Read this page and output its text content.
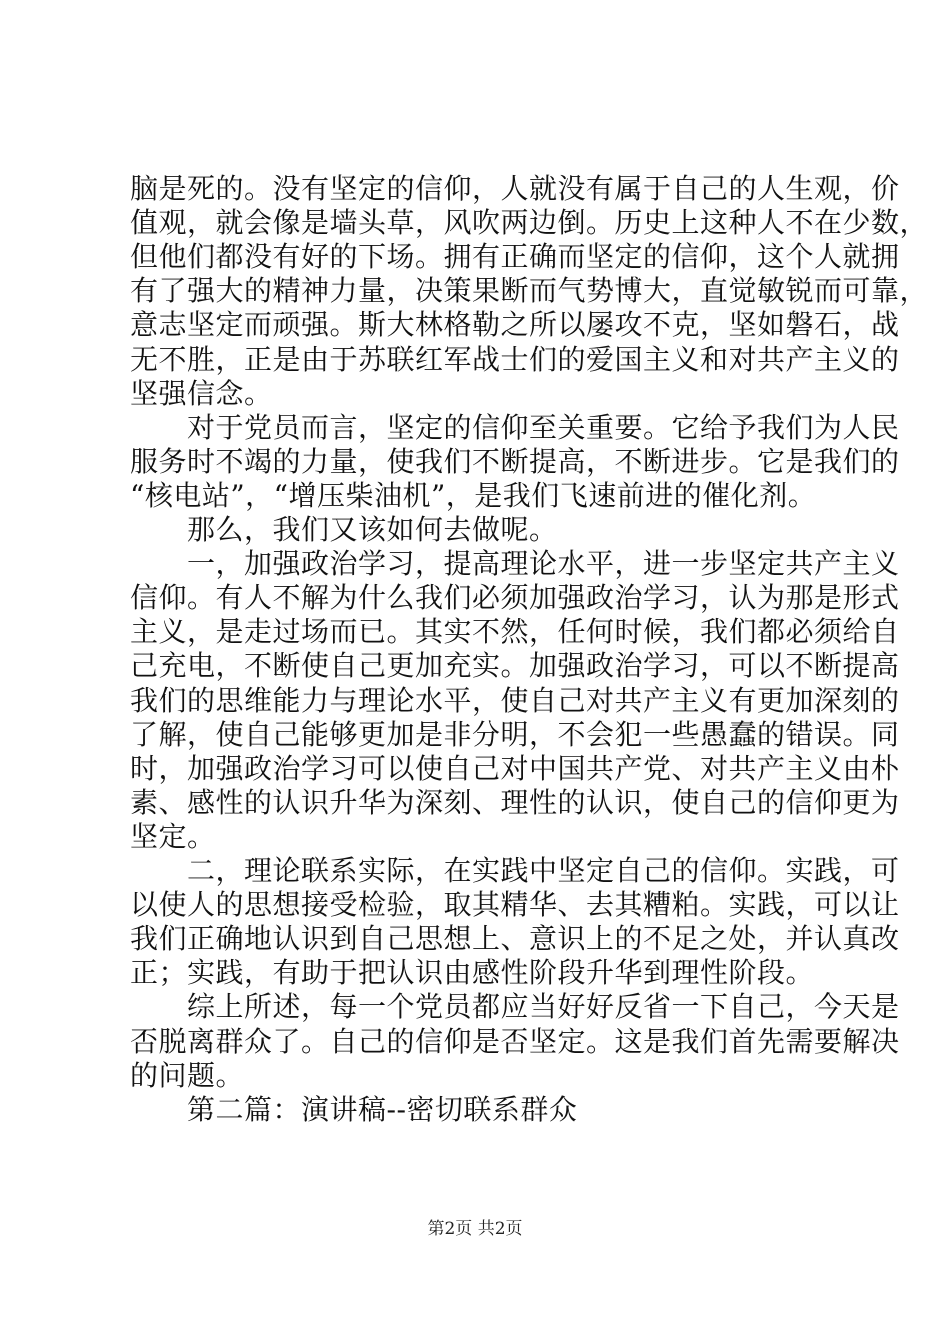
脑是死的。没有坚定的信仰，人就没有属于自己的人生观，价
值观，就会像是墙头草，风吹两边倒。历史上这种人不在少数，
但他们都没有好的下场。拥有正确而坚定的信仰，这个人就拥
有了强大的精神力量，决策果断而气势博大，直觉敏锐而可靠，
意志坚定而顽强。斯大林格勒之所以屡攻不克，坚如磐石，战
无不胜，正是由于苏联红军战士们的爱国主义和对共产主义的
坚强信念。
　　对于党员而言，坚定的信仰至关重要。它给予我们为人民
服务时不竭的力量，使我们不断提高，不断进步。它是我们的
“核电站”，“增压柴油机”，是我们飞速前进的催化剂。
　　那么，我们又该如何去做呢。
　　一，加强政治学习，提高理论水平，进一步坚定共产主义
信仰。有人不解为什么我们必须加强政治学习，认为那是形式
主义，是走过场而已。其实不然，任何时候，我们都必须给自
己充电，不断使自己更加充实。加强政治学习，可以不断提高
我们的思维能力与理论水平，使自己对共产主义有更加深刻的
了解，使自己能够更加是非分明，不会犯一些愚蠢的错误。同
时，加强政治学习可以使自己对中国共产党、对共产主义由朴
素、感性的认识升华为深刻、理性的认识，使自己的信仰更为
坚定。
　　二，理论联系实际，在实践中坚定自己的信仰。实践，可
以使人的思想接受检验，取其精华、去其糟粕。实践，可以让
我们正确地认识到自己思想上、意识上的不足之处，并认真改
正；实践，有助于把认识由感性阶段升华到理性阶段。
　　综上所述，每一个党员都应当好好反省一下自己，今天是
否脱离群众了。自己的信仰是否坚定。这是我们首先需要解决
的问题。
　　第二篇：演讲稿--密切联系群众
第2页 共2页
